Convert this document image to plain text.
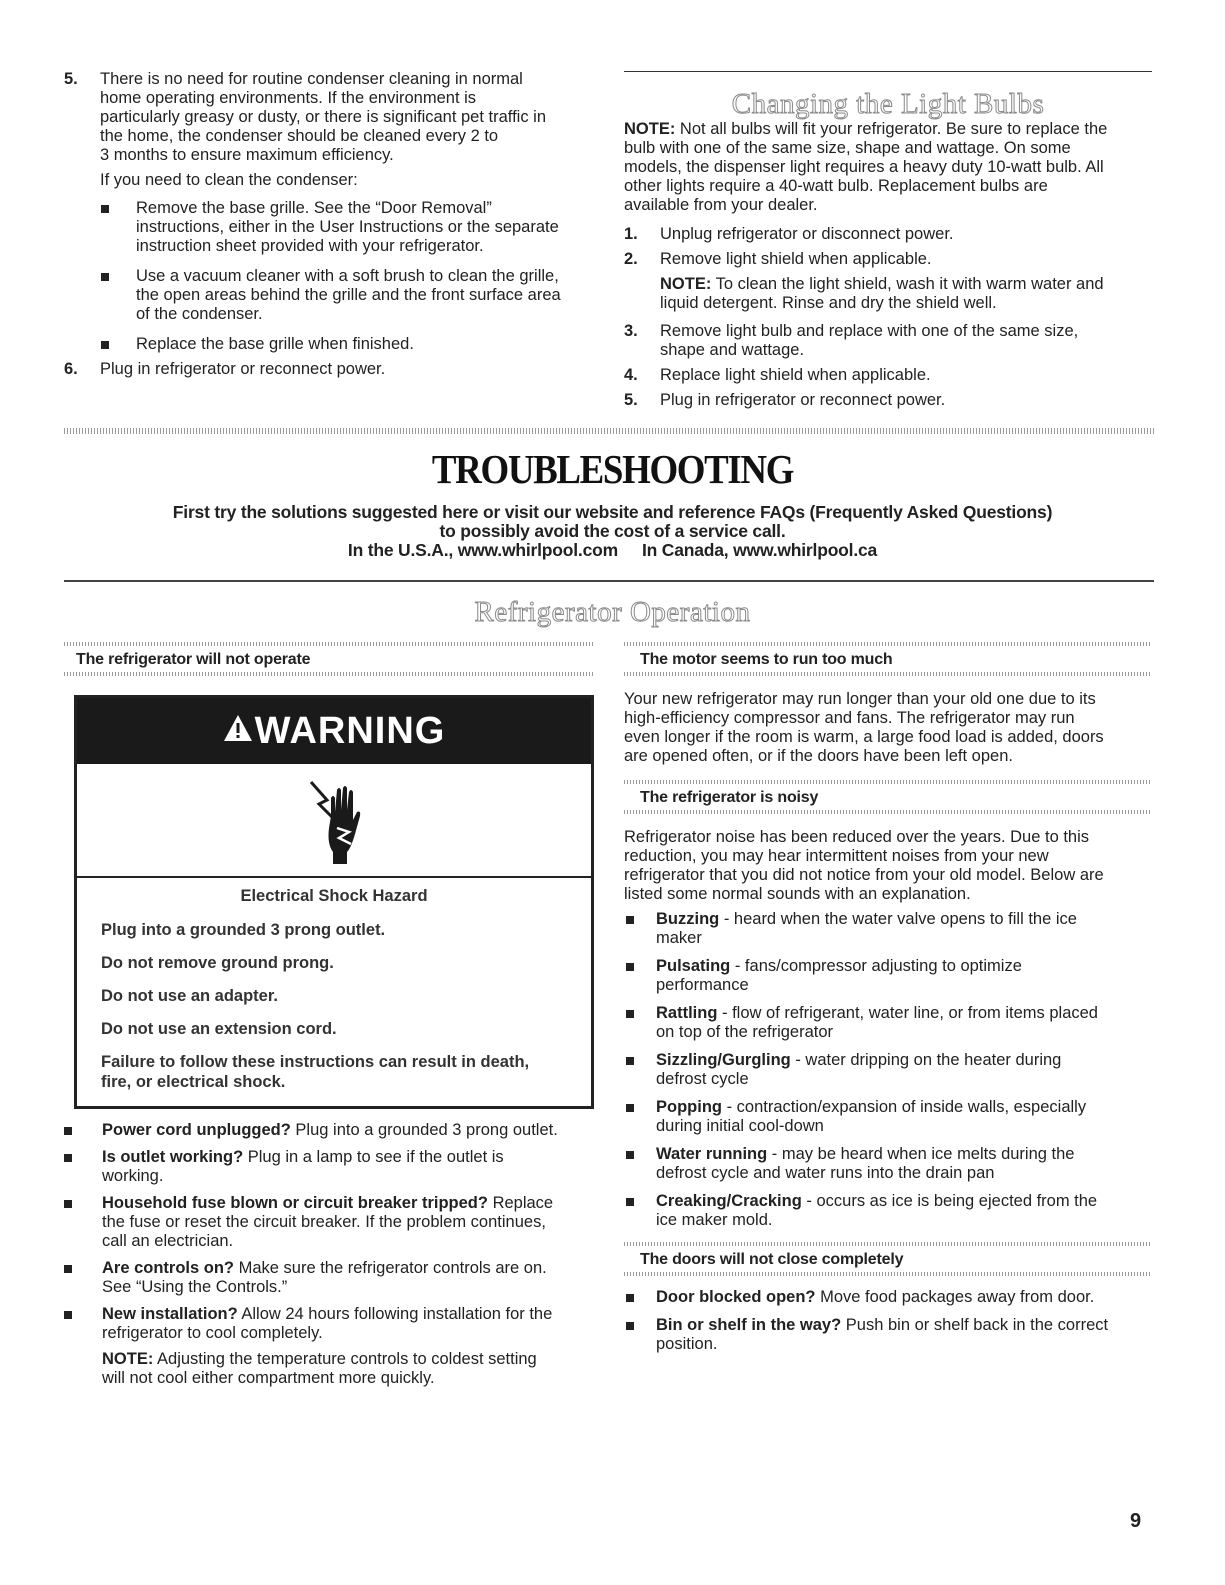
5. There is no need for routine condenser cleaning in normal

home operating environments. If the environment is

particularly greasy or dusty, or there is significant pet traffic in

the home, the condenser should be cleaned every 2 to

3 months to ensure maximum efficiency.

If you need to clean the condenser:

Remove the base grille. See the “Door Removal”

instructions, either in the User Instructions or the separate

instruction sheet provided with your refrigerator.

Use a vacuum cleaner with a soft brush to clean the grille,

the open areas behind the grille and the front surface area

of the condenser.

Replace the base grille when finished.

6. Plug in refrigerator or reconnect power.

Changing the Light Bulbs

NOTE: Not all bulbs will fit your refrigerator. Be sure to replace the

bulb with one of the same size, shape and wattage. On some

models, the dispenser light requires a heavy duty 10-watt bulb. All

other lights require a 40-watt bulb. Replacement bulbs are

available from your dealer.

1. Unplug refrigerator or disconnect power.

2. Remove light shield when applicable.

NOTE: To clean the light shield, wash it with warm water and

liquid detergent. Rinse and dry the shield well.

3. Remove light bulb and replace with one of the same size,

shape and wattage.

4. Replace light shield when applicable.

5. Plug in refrigerator or reconnect power.

TROUBLESHOOTING

First try the solutions suggested here or visit our website and reference FAQs (Frequently Asked Questions)

to possibly avoid the cost of a service call.

In the U.S.A., www.whirlpool.com In Canada, www.whirlpool.ca

Refrigerator Operation
The refrigerator will not operate
WARNING

Electrical Shock Hazard

Plug into a grounded 3 prong outlet.

Do not remove ground prong.

Do not use an adapter.

Do not use an extension cord.

Failure to follow these instructions can result in death,
fire, or electrical shock.

Power cord unplugged? Plug into a grounded 3 prong outlet.

Is outlet working? Plug in a lamp to see if the outlet is

working.

Household fuse blown or circuit breaker tripped? Replace

the fuse or reset the circuit breaker. If the problem continues,

call an electrician.

Are controls on? Make sure the refrigerator controls are on.

See “Using the Controls.”

New installation? Allow 24 hours following installation for the

refrigerator to cool completely.

NOTE: Adjusting the temperature controls to coldest setting

will not cool either compartment more quickly.

The motor seems to run too much

Your new refrigerator may run longer than your old one due to its

high-efficiency compressor and fans. The refrigerator may run

even longer if the room is warm, a large food load is added, doors

are opened often, or if the doors have been left open.

The refrigerator is noisy

Refrigerator noise has been reduced over the years. Due to this

reduction, you may hear intermittent noises from your new

refrigerator that you did not notice from your old model. Below are

listed some normal sounds with an explanation.

Buzzing - heard when the water valve opens to fill the ice

maker

Pulsating - fans/compressor adjusting to optimize

performance

Rattling - flow of refrigerant, water line, or from items placed

on top of the refrigerator

Sizzling/Gurgling - water dripping on the heater during

defrost cycle

Popping - contraction/expansion of inside walls, especially

during initial cool-down

Water running - may be heard when ice melts during the

defrost cycle and water runs into the drain pan

Creaking/Cracking - occurs as ice is being ejected from the

ice maker mold.

The doors will not close completely

Door blocked open? Move food packages away from door.

Bin or shelf in the way? Push bin or shelf back in the correct

position.

9
